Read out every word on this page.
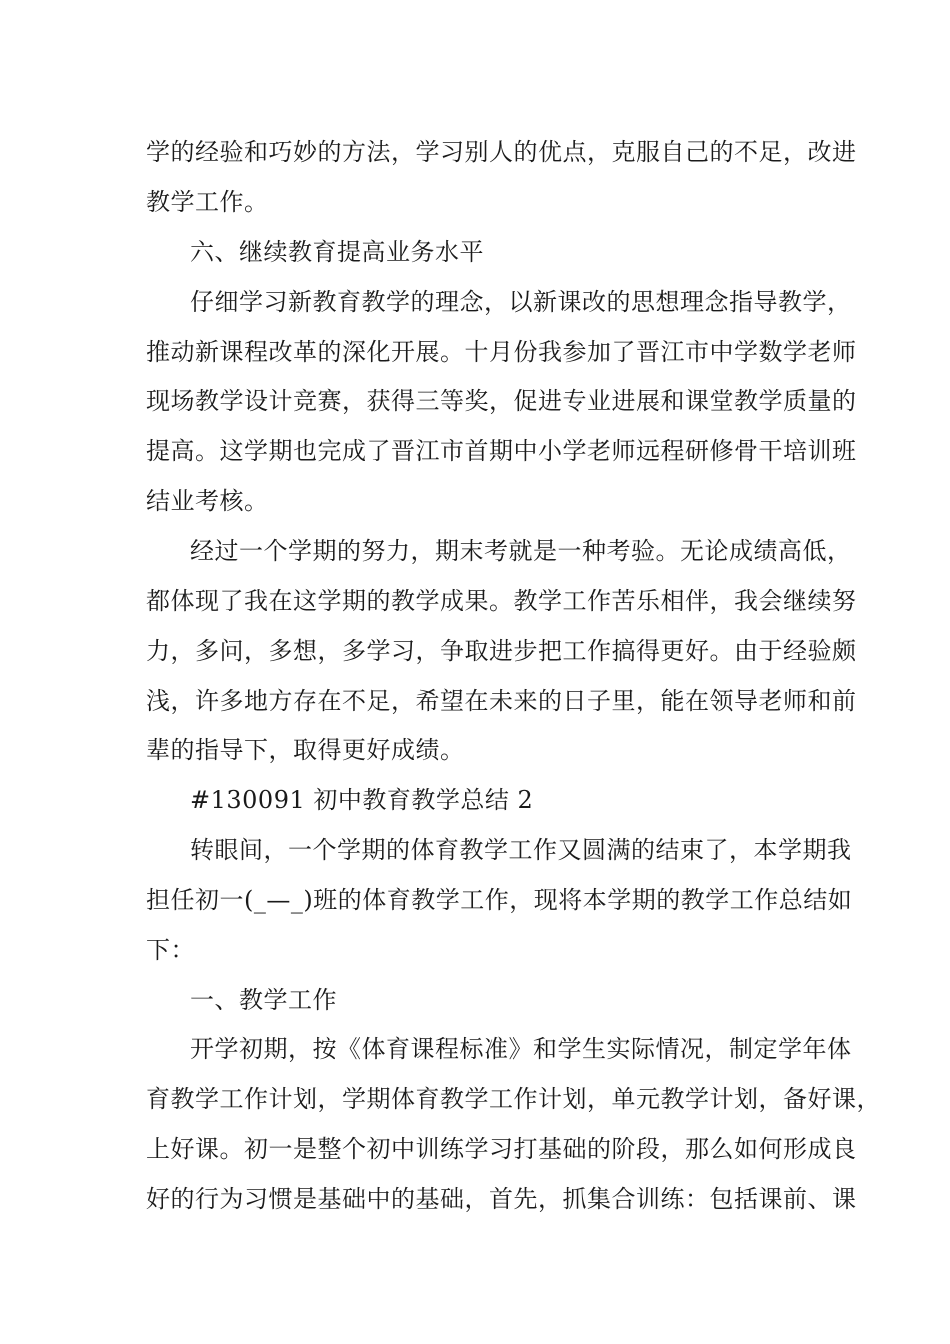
学的经验和巧妙的方法，学习别人的优点，克服自己的不足，改进
教学工作。
六、继续教育提高业务水平
仔细学习新教育教学的理念，以新课改的思想理念指导教学，
推动新课程改革的深化开展。十月份我参加了晋江市中学数学老师
现场教学设计竞赛，获得三等奖，促进专业进展和课堂教学质量的
提高。这学期也完成了晋江市首期中小学老师远程研修骨干培训班
结业考核。
经过一个学期的努力，期末考就是一种考验。无论成绩高低，
都体现了我在这学期的教学成果。教学工作苦乐相伴，我会继续努
力，多问，多想，多学习，争取进步把工作搞得更好。由于经验颇
浅，许多地方存在不足，希望在未来的日子里，能在领导老师和前
辈的指导下，取得更好成绩。
#130091 初中教育教学总结 2
转眼间，一个学期的体育教学工作又圆满的结束了，本学期我
担任初一(_—_)班的体育教学工作，现将本学期的教学工作总结如
下：
一、教学工作
开学初期，按《体育课程标准》和学生实际情况，制定学年体
育教学工作计划，学期体育教学工作计划，单元教学计划，备好课，
上好课。初一是整个初中训练学习打基础的阶段，那么如何形成良
好的行为习惯是基础中的基础，首先，抓集合训练：包括课前、课
